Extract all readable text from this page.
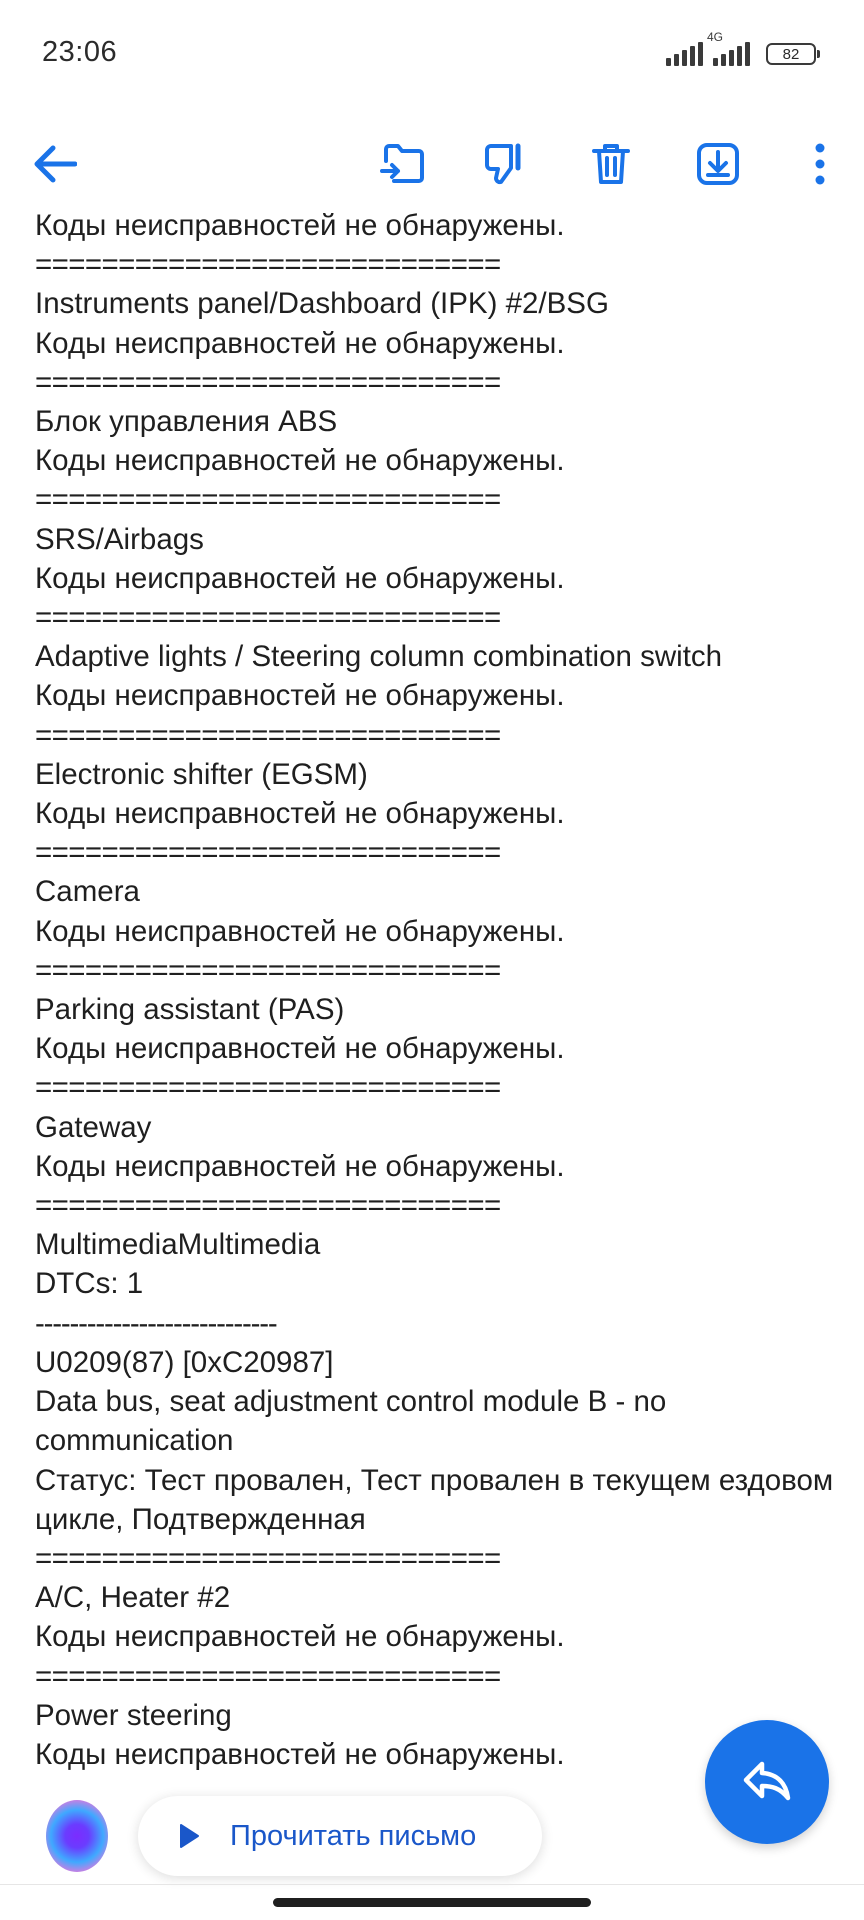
23:06	4G
82
Коды неисправностей не обнаружены.
============================
Instruments panel/Dashboard (IPK) #2/BSG
Коды неисправностей не обнаружены.
============================
Блок управления ABS
Коды неисправностей не обнаружены.
============================
SRS/Airbags
Коды неисправностей не обнаружены.
============================
Adaptive lights / Steering column combination switch
Коды неисправностей не обнаружены.
============================
Electronic shifter (EGSM)
Коды неисправностей не обнаружены.
============================
Camera
Коды неисправностей не обнаружены.
============================
Parking assistant (PAS)
Коды неисправностей не обнаружены.
============================
Gateway
Коды неисправностей не обнаружены.
============================
MultimediaMultimedia
DTCs: 1
----------------------------
U0209(87) [0xC20987]
Data bus, seat adjustment control module B - no communication
Статус: Тест провален, Тест провален в текущем ездовом цикле, Подтвержденная
============================
A/C, Heater #2
Коды неисправностей не обнаружены.
============================
Power steering
Коды неисправностей не обнаружены.
Прочитать письмо
